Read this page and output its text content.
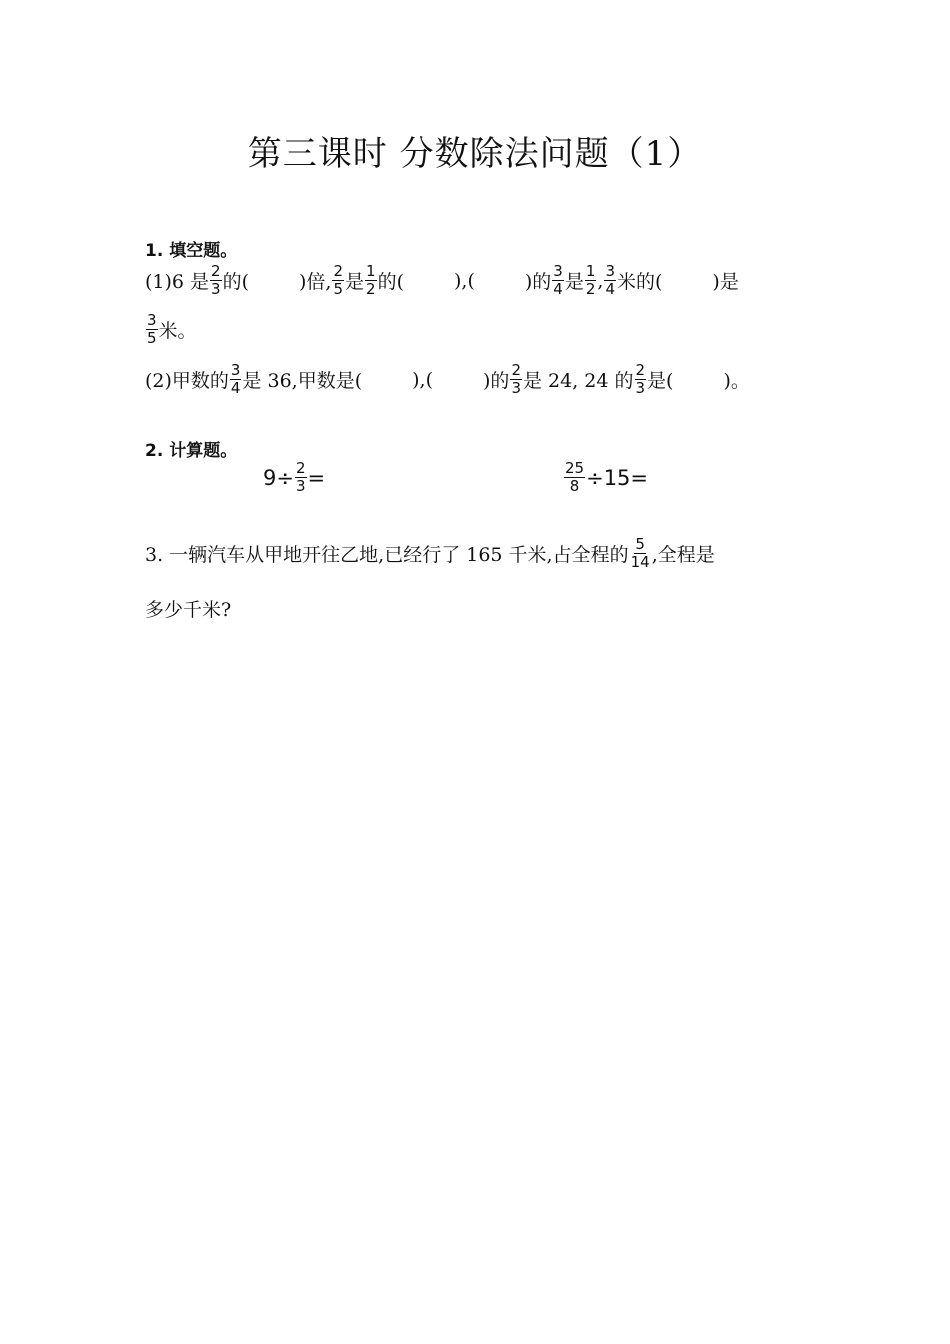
第三课时 分数除法问题（1）
1. 填空题。
(1)6 是 $\frac{2}{3}$ 的(	)倍, $\frac{2}{5}$ 是 $\frac{1}{2}$ 的(	),(	)的 $\frac{3}{4}$ 是 $\frac{1}{2}$ , $\frac{3}{4}$ 米的(	)是
$\frac{3}{5}$ 米。
(2)甲数的 $\frac{3}{4}$ 是 36,甲数是(	),(	)的 $\frac{2}{3}$ 是 24, 24 的 $\frac{2}{3}$ 是(	)。
2. 计算题。
$9\div \frac{2}{3}$ =	$\frac{25}{8} \div 15=$
3. 一辆汽车从甲地开往乙地,已经行了 165 千米,占全程的 $\frac{5}{14}$ ,全程是
多少千米?
